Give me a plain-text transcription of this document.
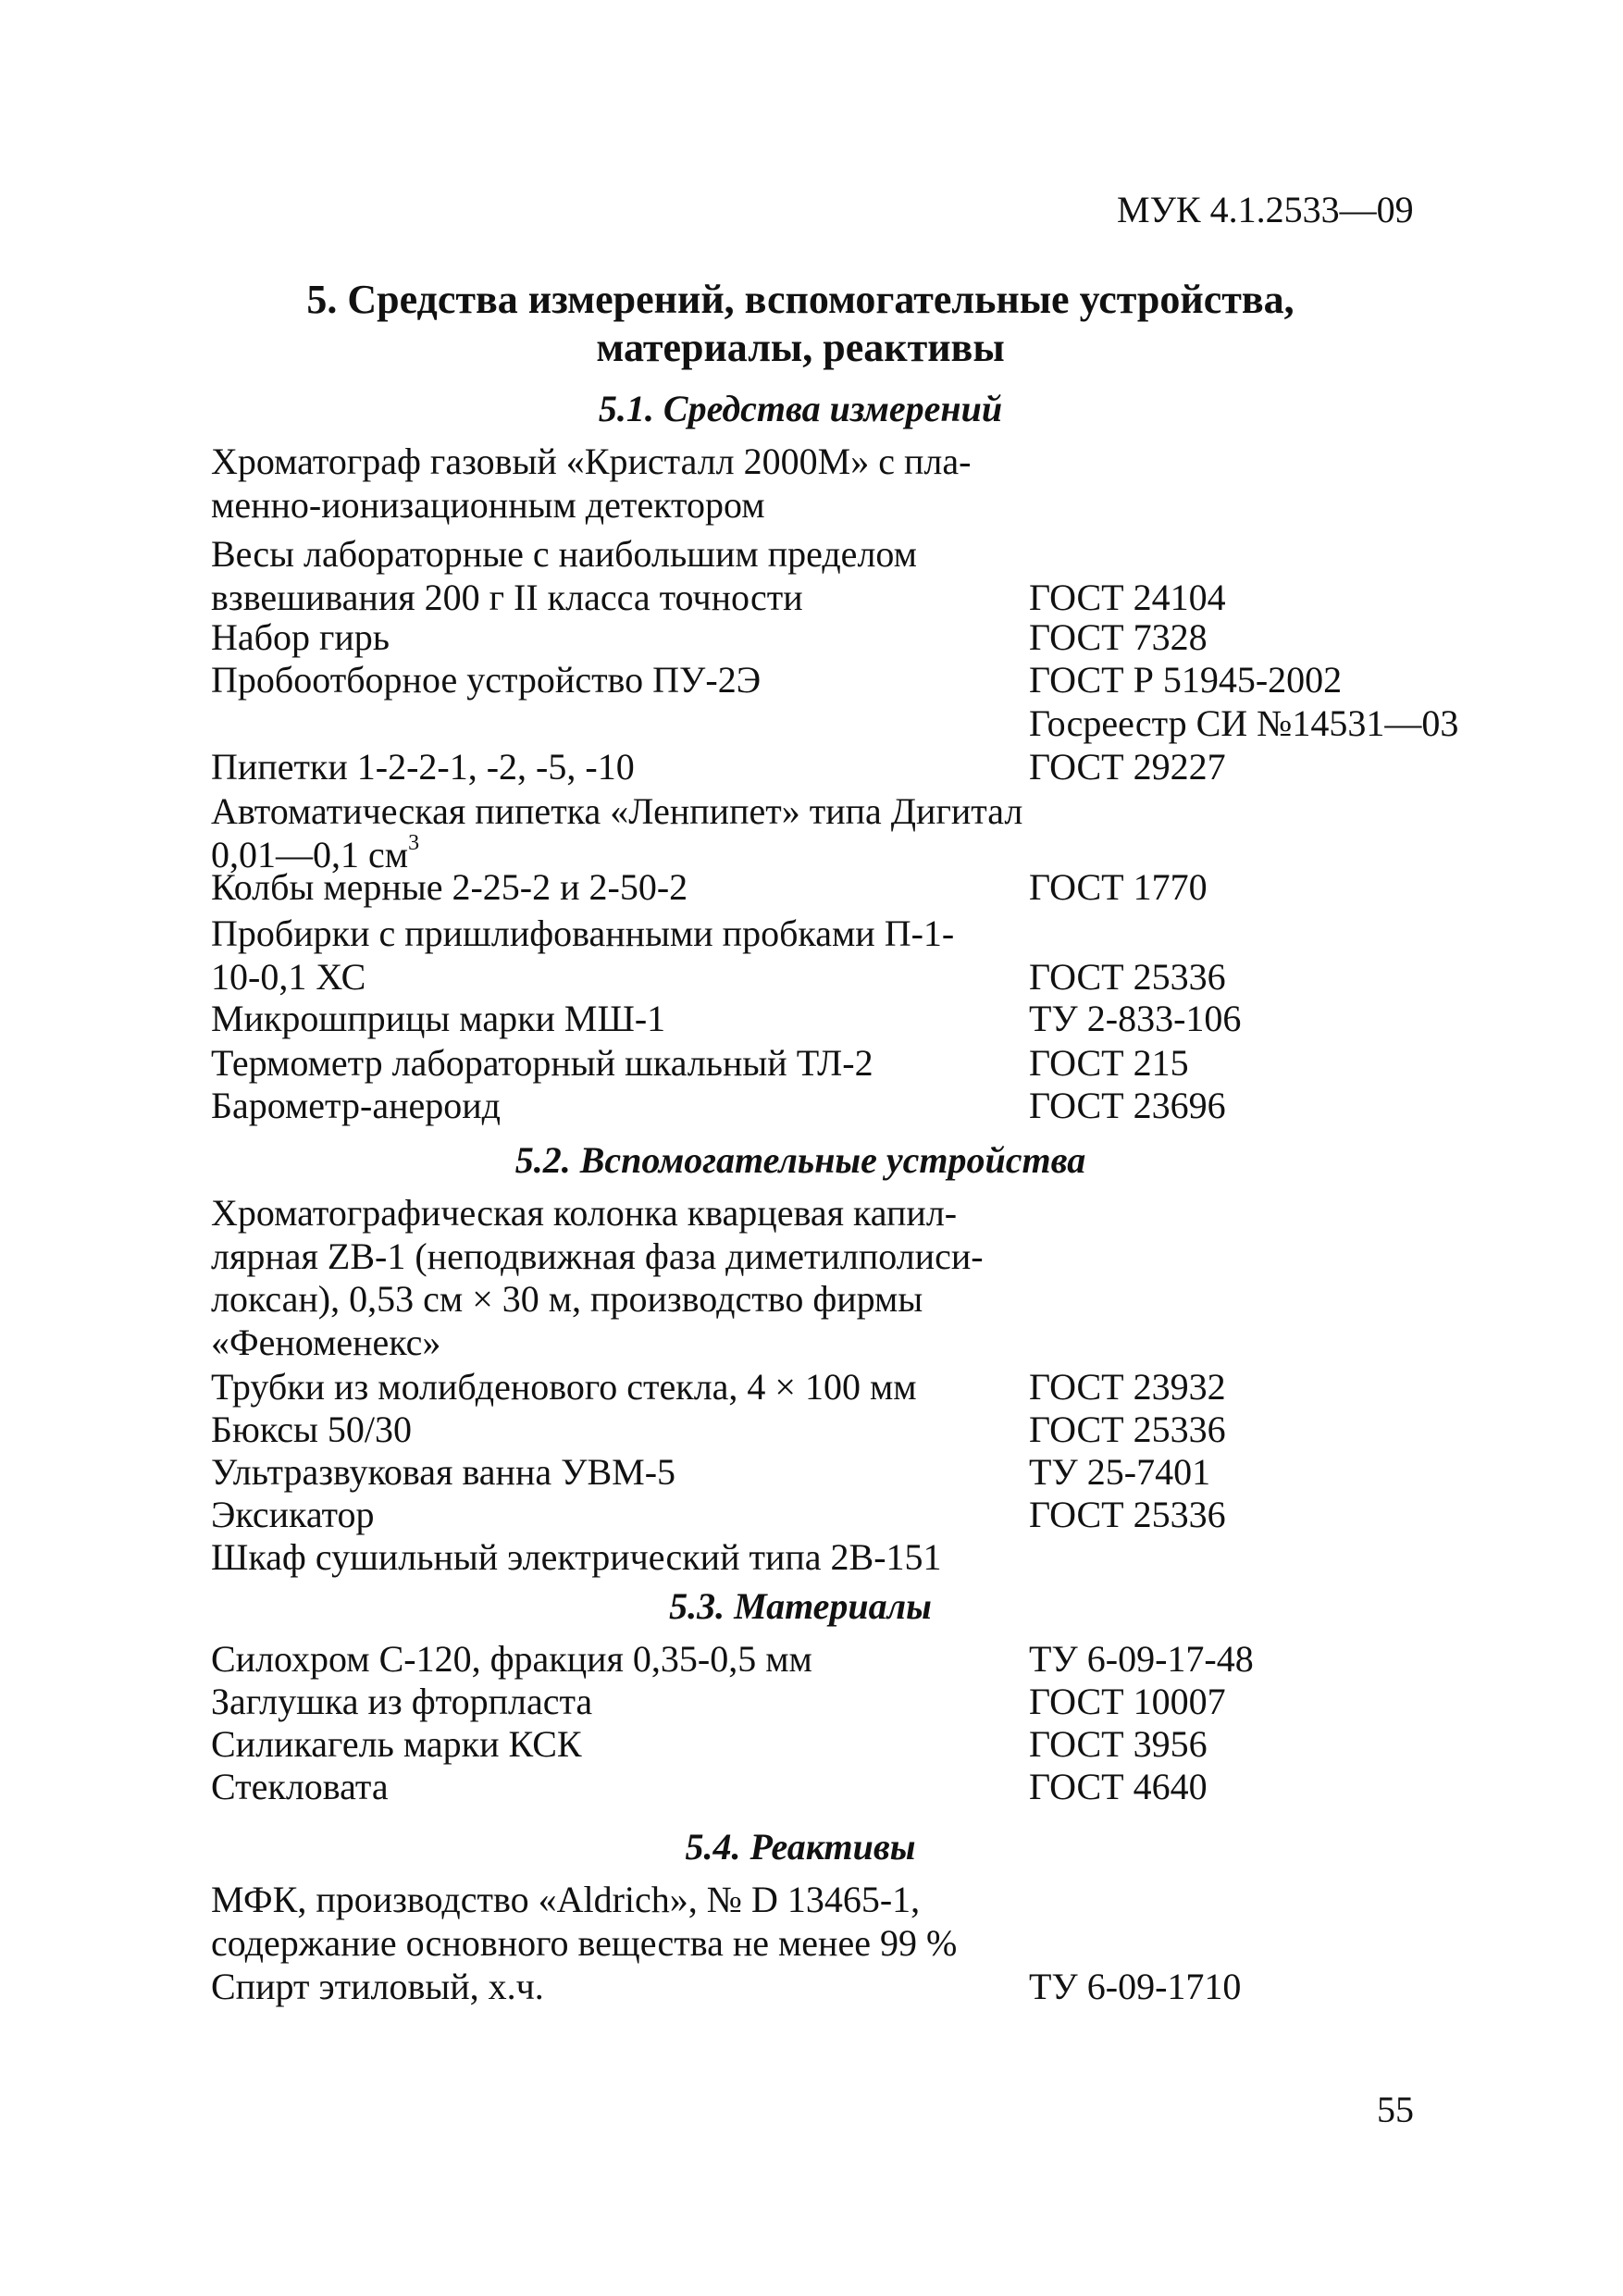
МУК 4.1.2533—09
5. Средства измерений, вспомогательные устройства,
материалы, реактивы
5.1. Средства измерений
Хроматограф газовый «Кристалл 2000М» с пла-
менно-ионизационным детектором
Весы лабораторные с наибольшим пределом
взвешивания 200 г II класса точности	ГОСТ 24104
Набор гирь	ГОСТ 7328
Пробоотборное устройство ПУ-2Э	ГОСТ Р 51945-2002
Госреестр СИ №14531—03
Пипетки 1-2-2-1, -2, -5, -10	ГОСТ 29227
Автоматическая пипетка «Ленпипет» типа Дигитал
0,01—0,1 $см^3$
Колбы мерные 2-25-2 и 2-50-2	ГОСТ 1770
Пробирки с пришлифованными пробками П-1-
10-0,1 ХС	ГОСТ 25336
Микрошприцы марки МШ-1	ТУ 2-833-106
Термометр лабораторный шкальный ТЛ-2	ГОСТ 215
Барометр-анероид	ГОСТ 23696
5.2. Вспомогательные устройства
Хроматографическая колонка кварцевая капил-
лярная ZB-1 (неподвижная фаза диметилполиси-
локсан), 0,53 см × 30 м, производство фирмы
«Феноменекс»
Трубки из молибденового стекла, 4 × 100 мм	ГОСТ 23932
Бюксы 50/30	ГОСТ 25336
Ультразвуковая ванна УВМ-5	ТУ 25-7401
Эксикатор	ГОСТ 25336
Шкаф сушильный электрический типа 2В-151
5.3. Материалы
Силохром С-120, фракция 0,35-0,5 мм	ТУ 6-09-17-48
Заглушка из фторпласта	ГОСТ 10007
Силикагель марки КСК	ГОСТ 3956
Стекловата	ГОСТ 4640
5.4. Реактивы
МФК, производство «Aldrich», № D 13465-1,
содержание основного вещества не менее 99 %
Спирт этиловый, х.ч.	ТУ 6-09-1710
55
